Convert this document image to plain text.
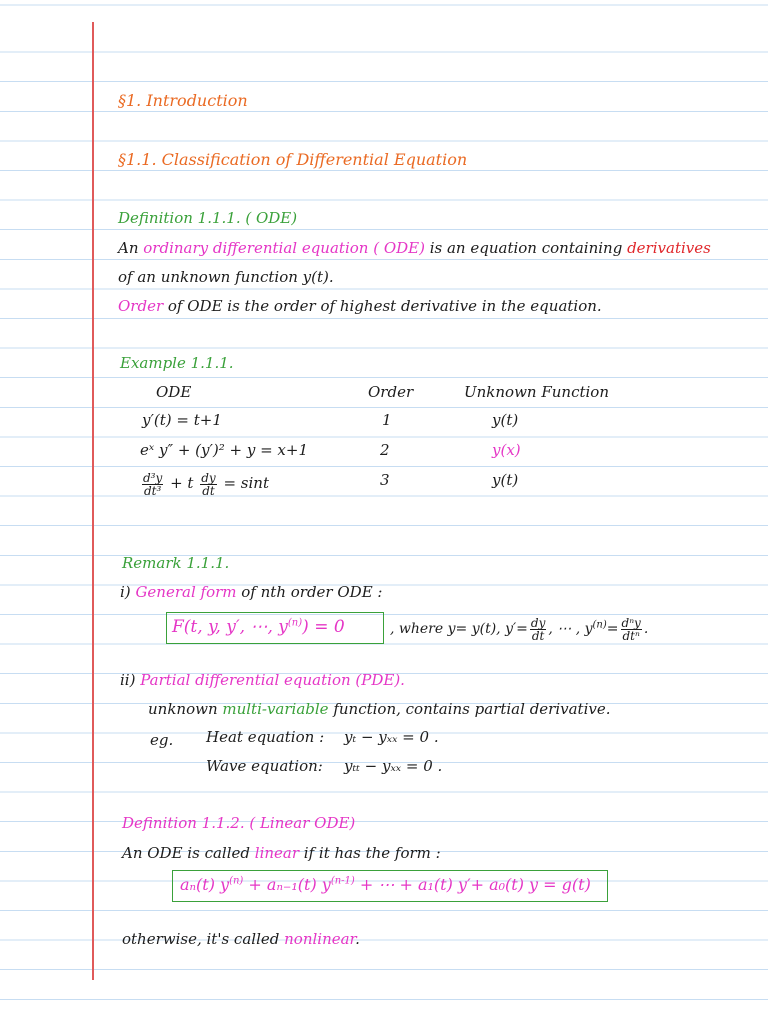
§1. Introduction
§1.1. Classification of Differential Equation
Definition 1.1.1. ( ODE)
An ordinary differential equation ( ODE) is an equation containing derivatives
of an unknown function y(t).
Order of ODE is the order of highest derivative in the equation.
Example 1.1.1.
ODE	Order	Unknown Function
y′(t) = t+1	1	y(t)
eˣ y″ + (y′)² + y = x+1	2	y(x)
$\frac{\text{d³y}}{\text{dt³}} + t \frac{dy}{dt} = \sin t$	3	y(t)
Remark 1.1.1.
i) General form of nth order ODE :
F(t, y, y′, ⋯, $y^{(n)}) = 0$	, where y= y(t), $y'= \frac{dy}{dt}$ , ⋯ , $y^{(n)}= \frac{\text{dⁿy}}{\text{dtⁿ}}$ .
ii) Partial differential equation (PDE).
unknown multi-variable function, contains partial derivative.
eg. Heat equation : yₜ − yₓₓ = 0 .
Wave equation: yₜₜ − yₓₓ = 0 .
Definition 1.1.2. ( Linear ODE)
An ODE is called linear if it has the form :
aₙ(t) $y^{(n)} + a_{n-1}(t) y^{(n-1)}$ + ⋯ + a₁(t) y′+ a₀(t) y = g(t)
otherwise, it's called nonlinear.
